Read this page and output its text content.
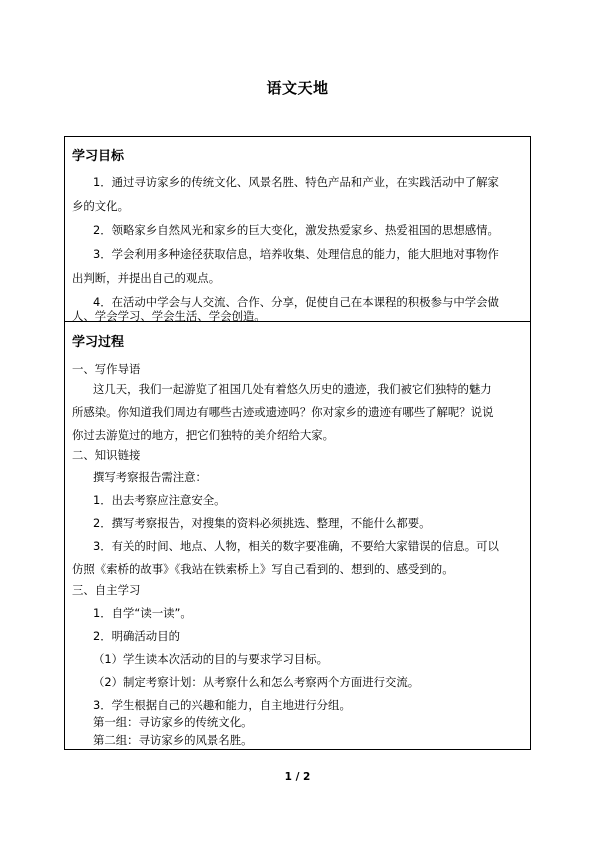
语文天地
学习目标
1．通过寻访家乡的传统文化、风景名胜、特色产品和产业，在实践活动中了解家
乡的文化。
2．领略家乡自然风光和家乡的巨大变化，激发热爱家乡、热爱祖国的思想感情。
3．学会利用多种途径获取信息，培养收集、处理信息的能力，能大胆地对事物作
出判断，并提出自己的观点。
4．在活动中学会与人交流、合作、分享，促使自己在本课程的积极参与中学会做
人、学会学习、学会生活、学会创造。
学习过程
一、写作导语
这几天，我们一起游览了祖国几处有着悠久历史的遗迹，我们被它们独特的魅力
所感染。你知道我们周边有哪些古迹或遗迹吗？你对家乡的遗迹有哪些了解呢？说说
你过去游览过的地方，把它们独特的美介绍给大家。
二、知识链接
撰写考察报告需注意：
1．出去考察应注意安全。
2．撰写考察报告，对搜集的资料必须挑选、整理，不能什么都要。
3．有关的时间、地点、人物，相关的数字要准确，不要给大家错误的信息。可以
仿照《索桥的故事》《我站在铁索桥上》写自己看到的、想到的、感受到的。
三、自主学习
1．自学“读一读”。
2．明确活动目的
（1）学生读本次活动的目的与要求学习目标。
（2）制定考察计划：从考察什么和怎么考察两个方面进行交流。
3．学生根据自己的兴趣和能力，自主地进行分组。
第一组：寻访家乡的传统文化。
第二组：寻访家乡的风景名胜。
1 / 2
